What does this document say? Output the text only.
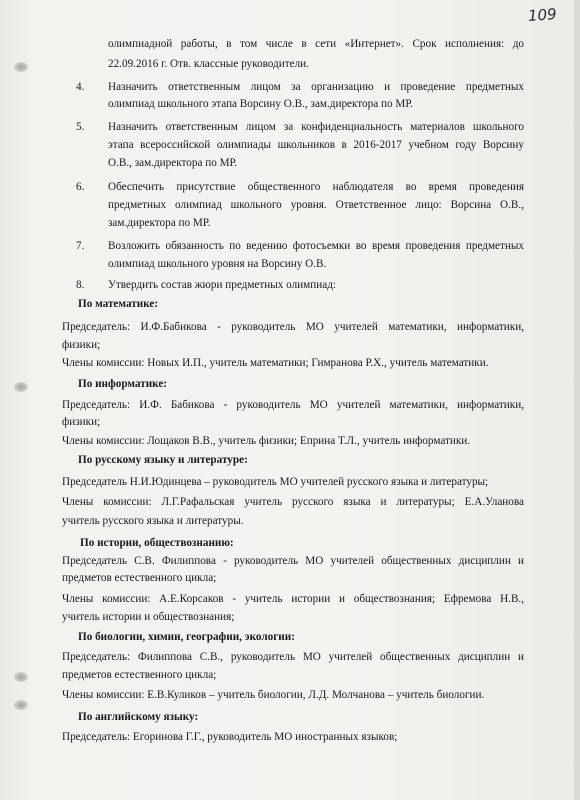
109
олимпиадной работы, в том числе в сети «Интернет». Срок исполнения: до
22.09.2016 г. Отв. классные руководители.
4.	Назначить ответственным лицом за организацию и проведение предметных
олимпиад школьного этапа Ворсину О.В., зам.директора по МР.
5.	Назначить ответственным лицом за конфиденциальность материалов школьного
этапа всероссийской олимпиады школьников в 2016-2017 учебном году Ворсину
О.В., зам.директора по МР.
6.	Обеспечить присутствие общественного наблюдателя во время проведения
предметных олимпиад школьного уровня. Ответственное лицо: Ворсина О.В.,
зам.директора по МР.
7.	Возложить обязанность по ведению фотосъемки во время проведения предметных
олимпиад школьного уровня на Ворсину О.В.
8.	Утвердить состав жюри предметных олимпиад:
По математике:
Председатель: И.Ф.Бабикова - руководитель МО учителей математики, информатики,
физики;
Члены комиссии: Новых И.П., учитель математики; Гимранова Р.Х., учитель математики.
По информатике:
Председатель: И.Ф. Бабикова - руководитель МО учителей математики, информатики,
физики;
Члены комиссии: Лощаков В.В., учитель физики; Еприна Т.Л., учитель информатики.
По русскому языку и литературе:
Председатель Н.И.Юдинцева – руководитель МО учителей русского языка и литературы;
Члены комиссии: Л.Г.Рафальская учитель русского языка и литературы; Е.А.Уланова
учитель русского языка и литературы.
По истории, обществознанию:
Председатель С.В. Филиппова - руководитель МО учителей общественных дисциплин и
предметов естественного цикла;
Члены комиссии: А.Е.Корсаков - учитель истории и обществознания; Ефремова Н.В.,
учитель истории и обществознания;
По биологии, химии, географии, экологии:
Председатель: Филиппова С.В., руководитель МО учителей общественных дисциплин и
предметов естественного цикла;
Члены комиссии: Е.В.Куликов – учитель биологии, Л.Д. Молчанова – учитель биологии.
По английскому языку:
Председатель: Егоринова Г.Г., руководитель МО иностранных языков;
